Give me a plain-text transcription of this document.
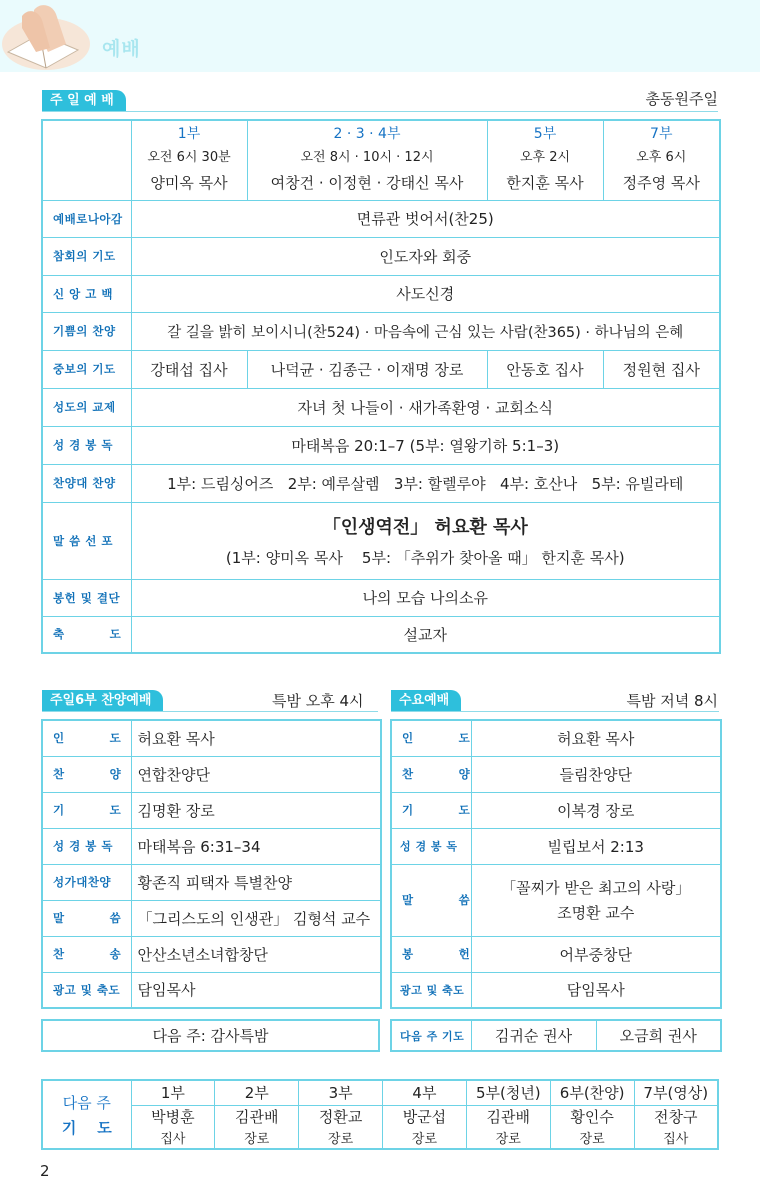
예배
주 일 예 배	총동원주일
	1부	2 · 3 · 4부	5부	7부
	오전 6시 30분	오전 8시 · 10시 · 12시	오후 2시	오후 6시
	양미옥 목사	여창건 · 이정현 · 강태신 목사	한지훈 목사	정주영 목사
예배로나아감	면류관 벗어서(찬25)			
참회의 기도	인도자와 회중			
신 앙 고 백	사도신경			
기쁨의 찬양	갈 길을 밝히 보이시니(찬524) · 마음속에 근심 있는 사람(찬365) · 하나님의 은혜			
중보의 기도	강태섭 집사	나덕균 · 김종근 · 이재명 장로	안동호 집사	정원현 집사
성도의 교제	자녀 첫 나들이 · 새가족환영 · 교회소식			
성 경 봉 독	마태복음 20:1–7 (5부: 열왕기하 5:1–3)			
찬양대 찬양	1부: 드림싱어즈   2부: 예루살렘   3부: 할렐루야   4부: 호산나   5부: 유빌라테			
말 씀 선 포	「인생역전」 허요환 목사
(1부: 양미옥 목사    5부: 「추위가 찾아올 때」 한지훈 목사)			

봉헌 및 결단	나의 모습 나의소유			
축          도	설교자			
주일6부 찬양예배	특밤 오후 4시
인          도	허요환 목사
찬          양	연합찬양단
기          도	김명환 장로
성 경 봉 독	마태복음 6:31–34
성가대찬양	황존직 피택자 특별찬양
말          씀	「그리스도의 인생관」 김형석 교수
찬          송	안산소년소녀합창단
광고 및 축도	담임목사
다음 주: 감사특밤
수요예배	특밤 저녁 8시
인          도	허요환 목사
찬          양	들림찬양단
기          도	이복경 장로
성 경 봉 독	빌립보서 2:13
말          씀	「꼴찌가 받은 최고의 사랑」
조명환 교수

봉          헌	어부중창단
광고 및 축도	담임목사
다음 주 기도	김귀순 권사	오금희 권사
다음 주
기    도	1부	2부	3부	4부	5부(청년)	6부(찬양)	7부(영상)
	박병훈	김관배	정환교	방군섭	김관배	황인수	전창구
	집사	장로	장로	장로	장로	장로	집사
2
